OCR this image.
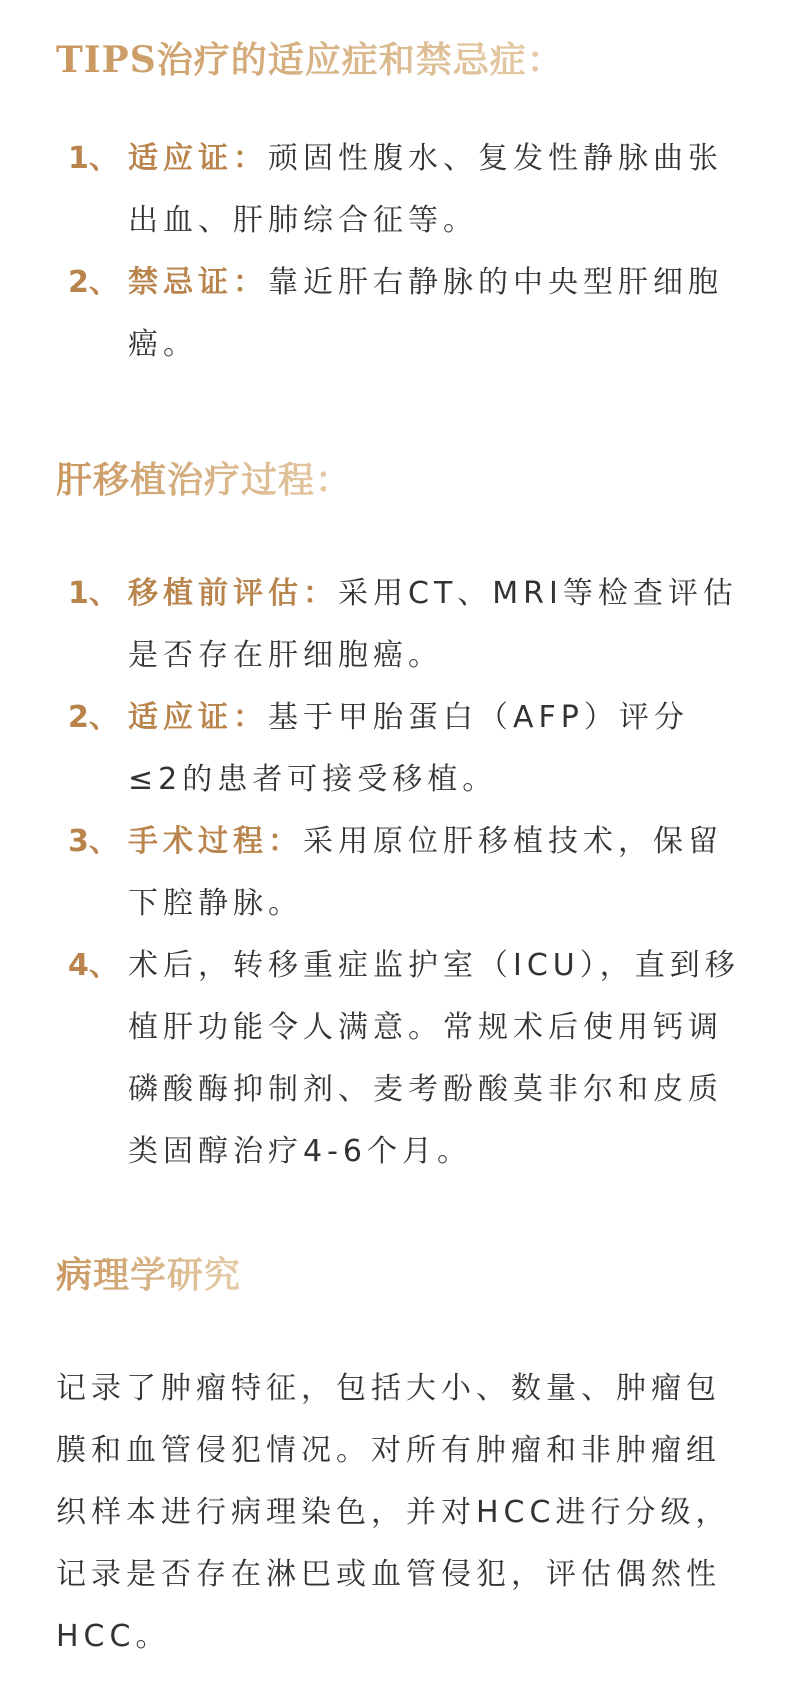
TIPS治疗的适应症和禁忌症：
1、 适应证：顽固性腹水、复发性静脉曲张出血、肝肺综合征等。
2、 禁忌证：靠近肝右静脉的中央型肝细胞癌。
肝移植治疗过程：
1、 移植前评估：采用CT、MRI等检查评估是否存在肝细胞癌。
2、 适应证：基于甲胎蛋白（AFP）评分≤2的患者可接受移植。
3、 手术过程：采用原位肝移植技术，保留下腔静脉。
4、 术后，转移重症监护室（ICU），直到移植肝功能令人满意。常规术后使用钙调磷酸酶抑制剂、麦考酚酸莫非尔和皮质类固醇治疗4-6个月。
病理学研究

记录了肿瘤特征，包括大小、数量、肿瘤包膜和血管侵犯情况。对所有肿瘤和非肿瘤组织样本进行病理染色，并对HCC进行分级，记录是否存在淋巴或血管侵犯，评估偶然性HCC。
